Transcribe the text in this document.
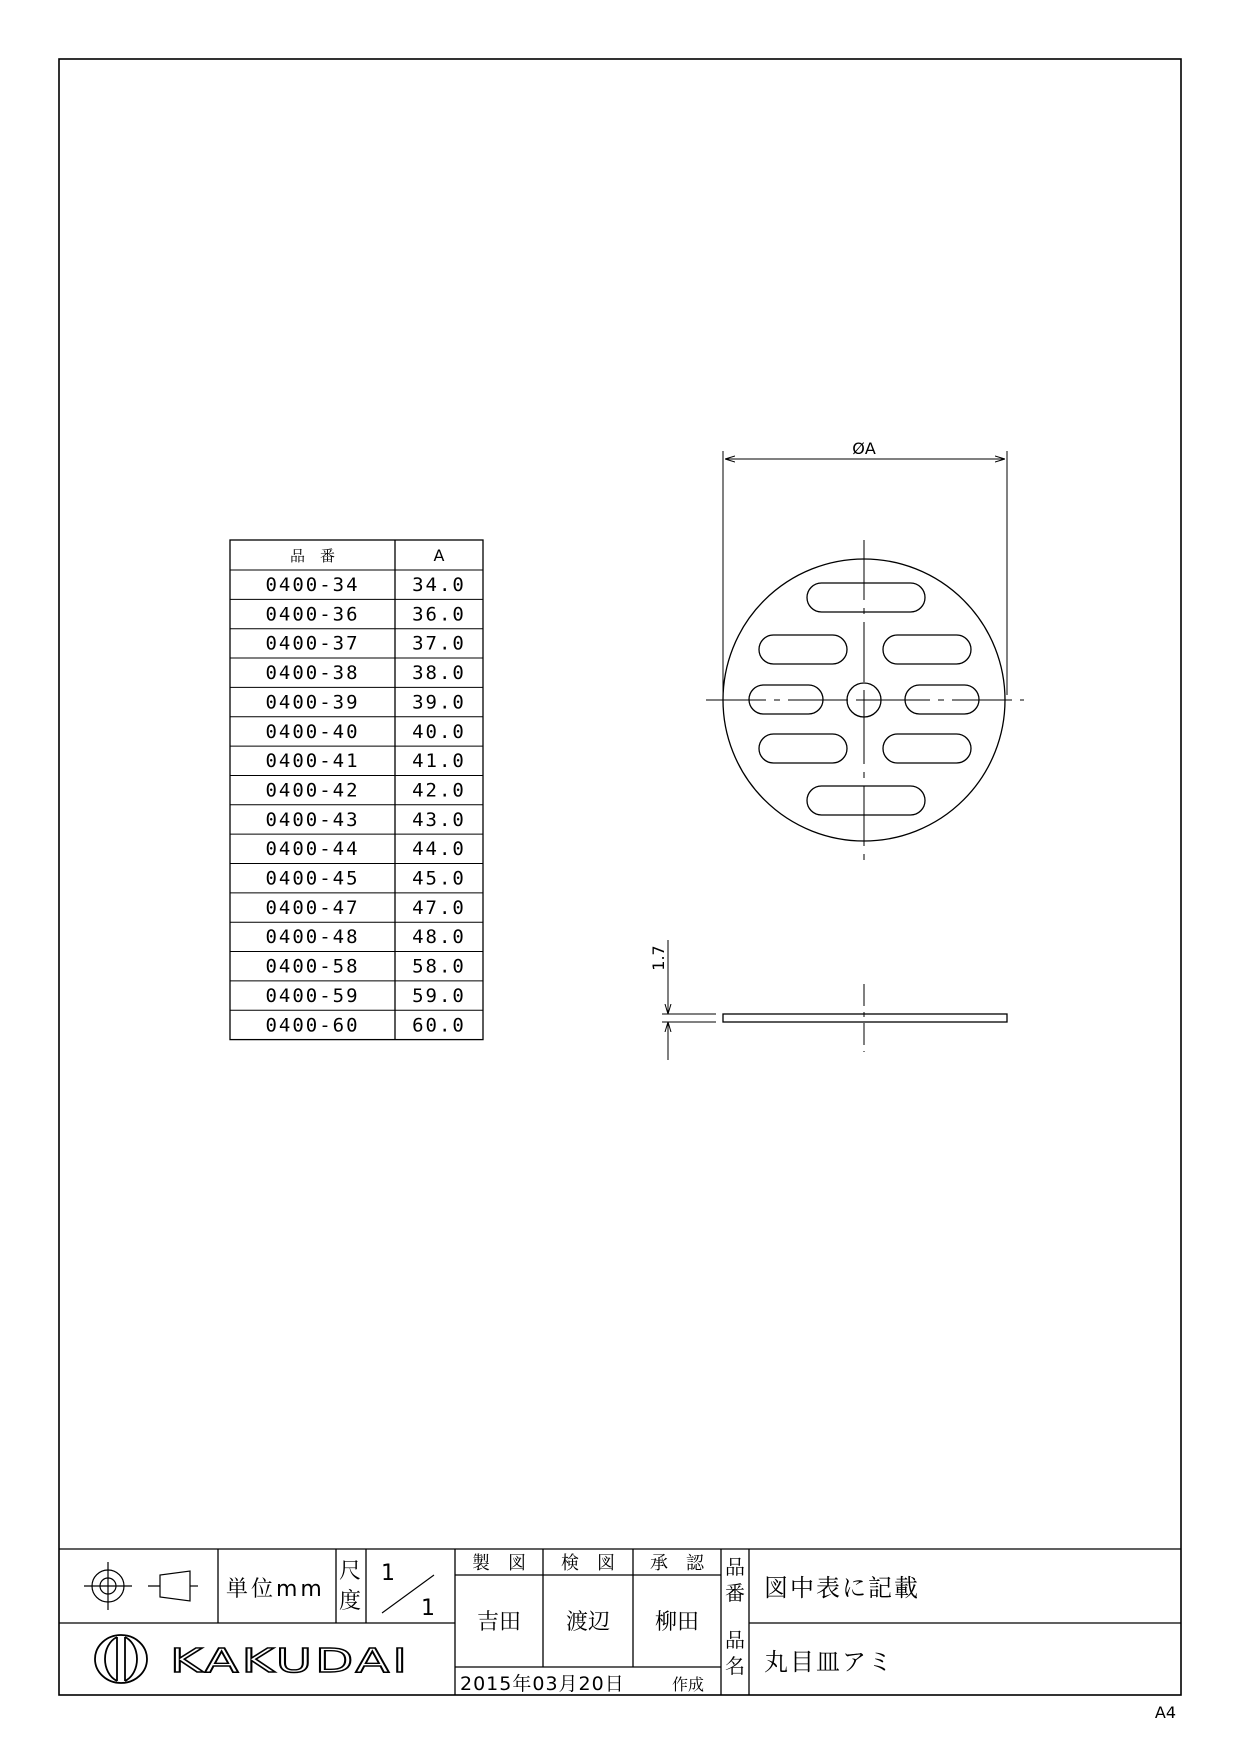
品　番	A
0400-34	34.0
0400-36	36.0
0400-37	37.0
0400-38	38.0
0400-39	39.0
0400-40	40.0
0400-41	41.0
0400-42	42.0
0400-43	43.0
0400-44	44.0
0400-45	45.0
0400-47	47.0
0400-48	48.0
0400-58	58.0
0400-59	59.0
0400-60	60.0
ØA
1.7
KAKUDAI
単位mm
尺
度
1
1
製　図 検　図 承　認
吉田 渡辺 柳田
2015年03月20日	作成
品
番 図中表に記載
品
名 丸目皿アミ
A4
